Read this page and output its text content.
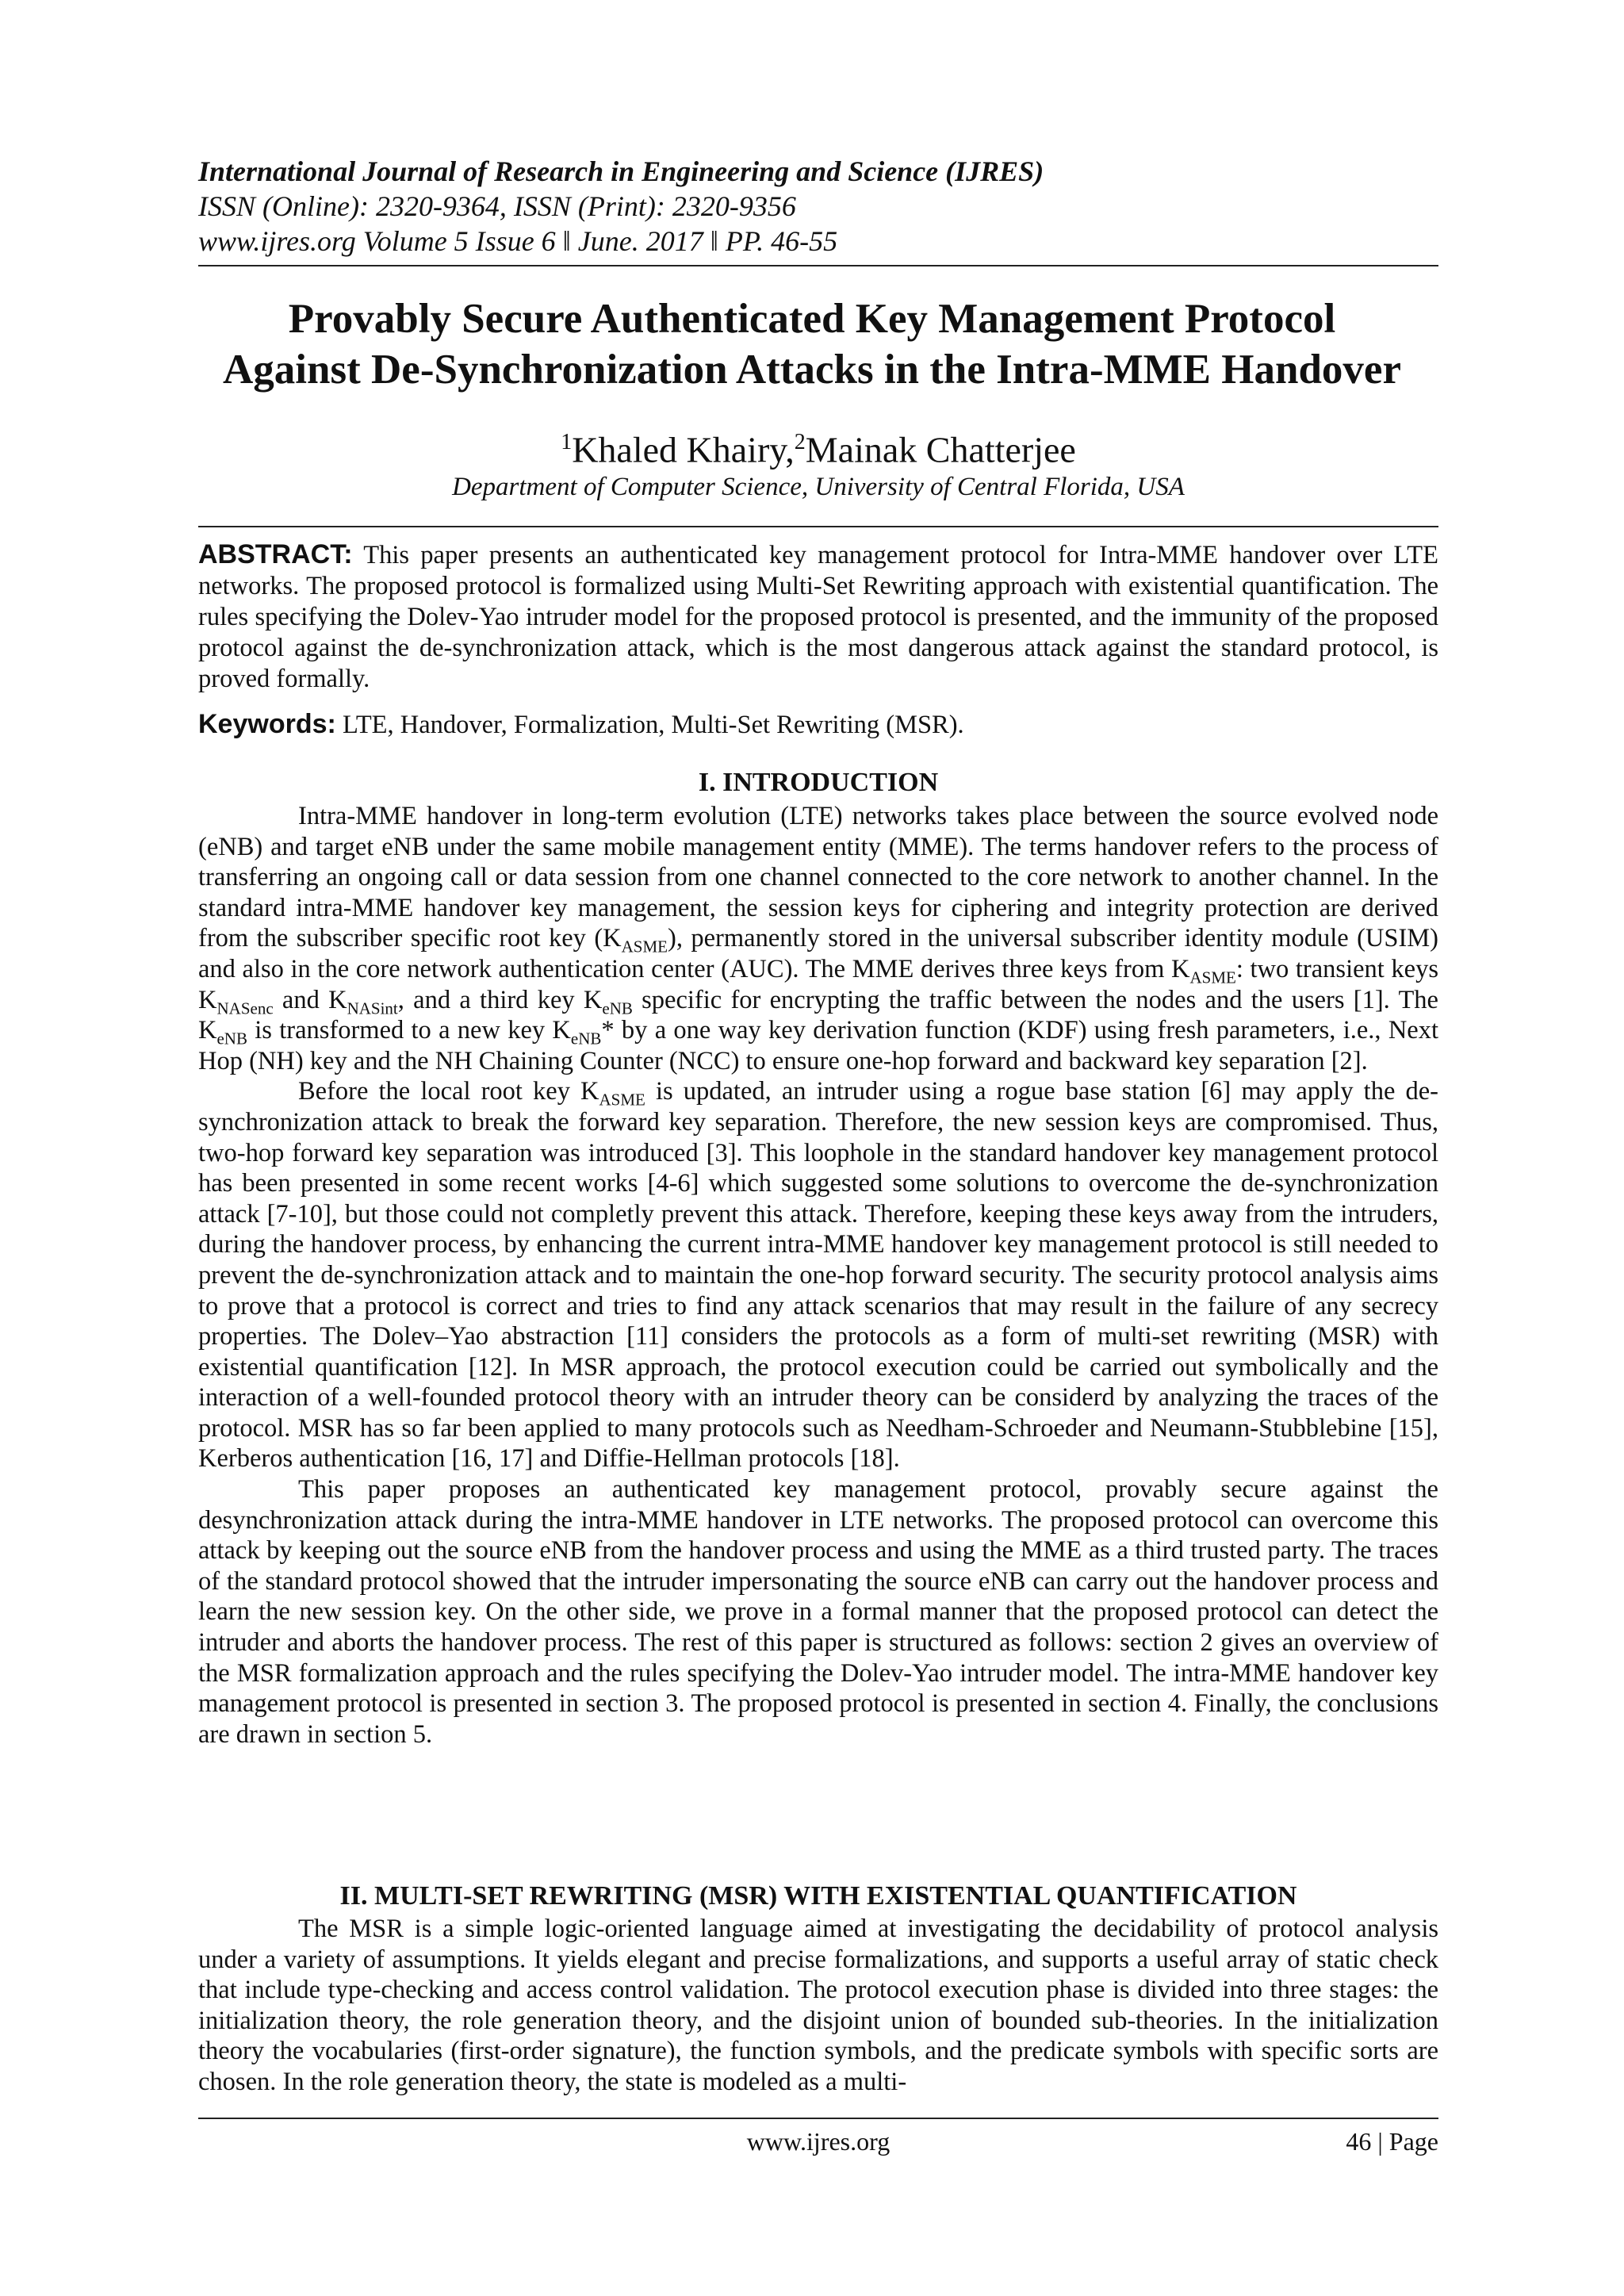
International Journal of Research in Engineering and Science (IJRES)
ISSN (Online): 2320-9364, ISSN (Print): 2320-9356
www.ijres.org Volume 5 Issue 6 ǁ June. 2017 ǁ PP. 46-55
Provably Secure Authenticated Key Management Protocol
Against De-Synchronization Attacks in the Intra-MME Handover
$^1$Khaled Khairy,$^2$Mainak Chatterjee
Department of Computer Science, University of Central Florida, USA
ABSTRACT: This paper presents an authenticated key management protocol for Intra-MME handover over LTE networks. The proposed protocol is formalized using Multi-Set Rewriting approach with existential quantification. The rules specifying the Dolev-Yao intruder model for the proposed protocol is presented, and the immunity of the proposed protocol against the de-synchronization attack, which is the most dangerous attack against the standard protocol, is proved formally.
Keywords: LTE, Handover, Formalization, Multi-Set Rewriting (MSR).
I. INTRODUCTION

Intra-MME handover in long-term evolution (LTE) networks takes place between the source evolved node (eNB) and target eNB under the same mobile management entity (MME). The terms handover refers to the process of transferring an ongoing call or data session from one channel connected to the core network to another channel. In the standard intra-MME handover key management, the session keys for ciphering and integrity protection are derived from the subscriber specific root key $(K_{ASME})$, permanently stored in the universal subscriber identity module (USIM) and also in the core network authentication center (AUC). The MME derives three keys from $K_{ASME}$: two transient keys $K_{NASenc}$ and $K_{NASint}$, and a third key $K_{eNB}$ specific for encrypting the traffic between the nodes and the users [1]. The $K_{eNB}$ is transformed to a new key $K_{eNB}*$ by a one way key derivation function (KDF) using fresh parameters, i.e., Next Hop (NH) key and the NH Chaining Counter (NCC) to ensure one-hop forward and backward key separation [2].

Before the local root key $K_{ASME}$ is updated, an intruder using a rogue base station [6] may apply the de-synchronization attack to break the forward key separation. Therefore, the new session keys are compromised. Thus, two-hop forward key separation was introduced [3]. This loophole in the standard handover key management protocol has been presented in some recent works [4-6] which suggested some solutions to overcome the de-synchronization attack [7-10], but those could not completly prevent this attack. Therefore, keeping these keys away from the intruders, during the handover process, by enhancing the current intra-MME handover key management protocol is still needed to prevent the de-synchronization attack and to maintain the one-hop forward security. The security protocol analysis aims to prove that a protocol is correct and tries to find any attack scenarios that may result in the failure of any secrecy properties. The Dolev–Yao abstraction [11] considers the protocols as a form of multi-set rewriting (MSR) with existential quantification [12]. In MSR approach, the protocol execution could be carried out symbolically and the interaction of a well-founded protocol theory with an intruder theory can be considerd by analyzing the traces of the protocol. MSR has so far been applied to many protocols such as Needham-Schroeder and Neumann-Stubblebine [15], Kerberos authentication [16, 17] and Diffie-Hellman protocols [18].

This paper proposes an authenticated key management protocol, provably secure against the desynchronization attack during the intra-MME handover in LTE networks. The proposed protocol can overcome this attack by keeping out the source eNB from the handover process and using the MME as a third trusted party. The traces of the standard protocol showed that the intruder impersonating the source eNB can carry out the handover process and learn the new session key. On the other side, we prove in a formal manner that the proposed protocol can detect the intruder and aborts the handover process. The rest of this paper is structured as follows: section 2 gives an overview of the MSR formalization approach and the rules specifying the Dolev-Yao intruder model. The intra-MME handover key management protocol is presented in section 3. The proposed protocol is presented in section 4. Finally, the conclusions are drawn in section 5.

II. MULTI-SET REWRITING (MSR) WITH EXISTENTIAL QUANTIFICATION

The MSR is a simple logic-oriented language aimed at investigating the decidability of protocol analysis under a variety of assumptions. It yields elegant and precise formalizations, and supports a useful array of static check that include type-checking and access control validation. The protocol execution phase is divided into three stages: the initialization theory, the role generation theory, and the disjoint union of bounded sub-theories. In the initialization theory the vocabularies (first-order signature), the function symbols, and the predicate symbols with specific sorts are chosen. In the role generation theory, the state is modeled as a multi-

www.ijres.org	46 | Page
